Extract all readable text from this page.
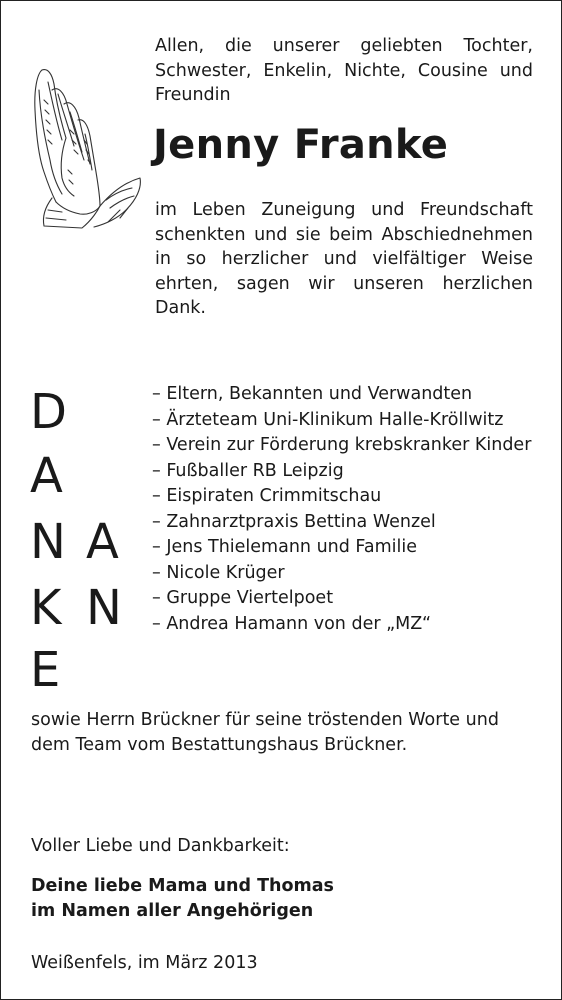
Allen, die unserer geliebten Tochter, Schwester, Enkelin, Nichte, Cousine und Freundin
Jenny Franke
im Leben Zuneigung und Freundschaft schenkten und sie beim Abschiednehmen in so herzlicher und vielfältiger Weise ehrten, sagen wir unseren herzlichen Dank.
D
A
N
K
E
A
N
– Eltern, Bekannten und Verwandten
– Ärzteteam Uni-Klinikum Halle-Kröllwitz
– Verein zur Förderung krebskranker Kinder
– Fußballer RB Leipzig
– Eispiraten Crimmitschau
– Zahnarztpraxis Bettina Wenzel
– Jens Thielemann und Familie
– Nicole Krüger
– Gruppe Viertelpoet
– Andrea Hamann von der „MZ“
sowie Herrn Brückner für seine tröstenden Worte und dem Team vom Bestattungshaus Brückner.
Voller Liebe und Dankbarkeit:
Deine liebe Mama und Thomas
im Namen aller Angehörigen
Weißenfels, im März 2013
